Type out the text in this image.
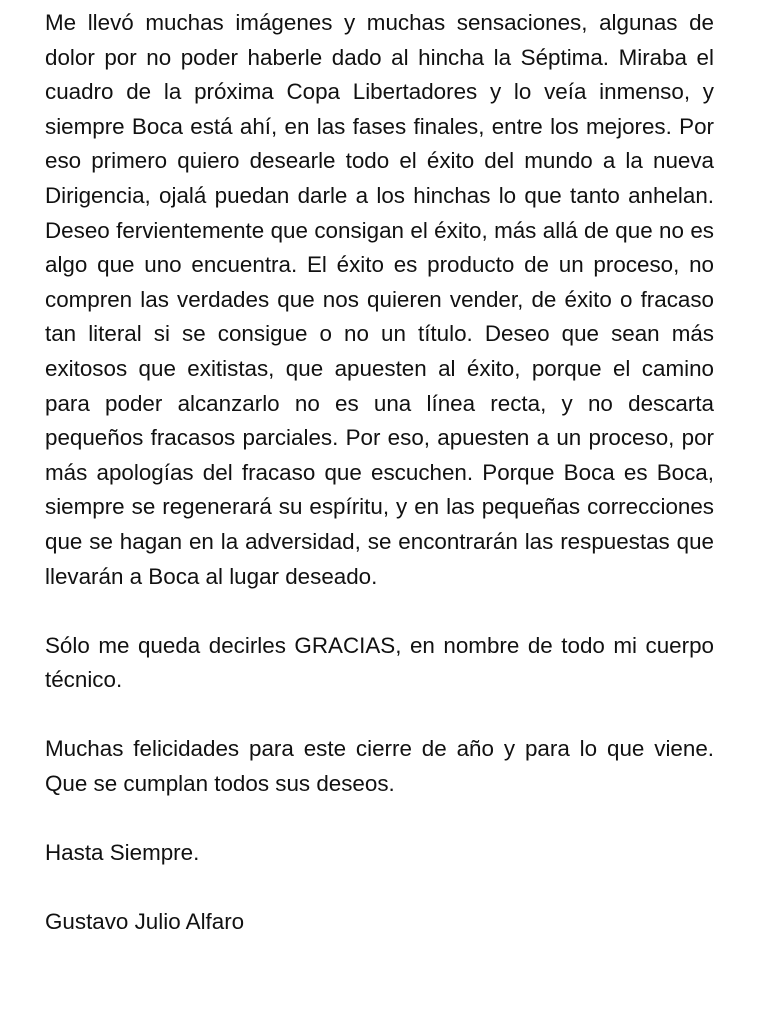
Me llevó muchas imágenes y muchas sensaciones, algunas de dolor por no poder haberle dado al hincha la Séptima. Miraba el cuadro de la próxima Copa Libertadores y lo veía inmenso, y siempre Boca está ahí, en las fases finales, entre los mejores. Por eso primero quiero desearle todo el éxito del mundo a la nueva Dirigencia, ojalá puedan darle a los hinchas lo que tanto anhelan. Deseo fervientemente que consigan el éxito, más allá de que no es algo que uno encuentra. El éxito es producto de un proceso, no compren las verdades que nos quieren vender, de éxito o fracaso tan literal si se consigue o no un título. Deseo que sean más exitosos que exitistas, que apuesten al éxito, porque el camino para poder alcanzarlo no es una línea recta, y no descarta pequeños fracasos parciales. Por eso, apuesten a un proceso, por más apologías del fracaso que escuchen. Porque Boca es Boca, siempre se regenerará su espíritu, y en las pequeñas correcciones que se hagan en la adversidad, se encontrarán las respuestas que llevarán a Boca al lugar deseado.

Sólo me queda decirles GRACIAS, en nombre de todo mi cuerpo técnico.

Muchas felicidades para este cierre de año y para lo que viene. Que se cumplan todos sus deseos.

Hasta Siempre.

Gustavo Julio Alfaro
